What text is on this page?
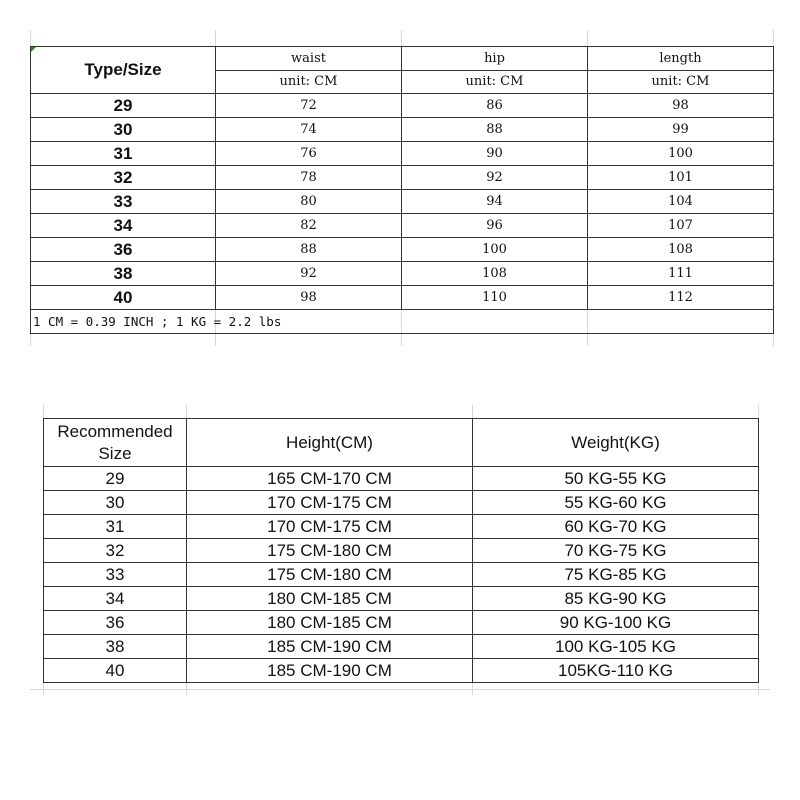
Type/Size	waist	hip	length
	unit: CM	unit: CM	unit: CM
29	72	86	98
30	74	88	99
31	76	90	100
32	78	92	101
33	80	94	104
34	82	96	107
36	88	100	108
38	92	108	111
40	98	110	112
1 CM = 0.39 INCH ; 1 KG = 2.2 lbs			
Recommended Size	Height(CM)	Weight(KG)
29	165 CM-170 CM	50 KG-55 KG
30	170 CM-175 CM	55 KG-60 KG
31	170 CM-175 CM	60 KG-70 KG
32	175 CM-180 CM	70 KG-75 KG
33	175 CM-180 CM	75 KG-85 KG
34	180 CM-185 CM	85 KG-90 KG
36	180 CM-185 CM	90 KG-100 KG
38	185 CM-190 CM	100 KG-105 KG
40	185 CM-190 CM	105KG-110 KG
